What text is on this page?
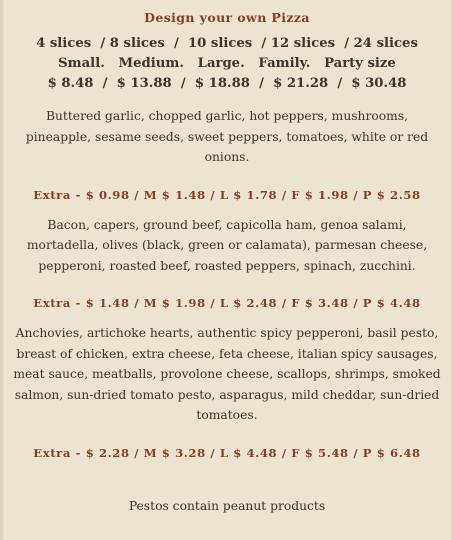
Design your own Pizza
4 slices  / 8 slices  /  10 slices  / 12 slices  / 24 slices
Small.   Medium.   Large.   Family.   Party size
$ 8.48  /  $ 13.88  /  $ 18.88  /  $ 21.28  /  $ 30.48
Buttered garlic, chopped garlic, hot peppers, mushrooms, pineapple, sesame seeds, sweet peppers, tomatoes, white or red onions.
Extra - $ 0.98 / M $ 1.48 / L $ 1.78 / F $ 1.98 / P $ 2.58
Bacon, capers, ground beef, capicolla ham, genoa salami, mortadella, olives (black, green or calamata), parmesan cheese, pepperoni, roasted beef, roasted peppers, spinach, zucchini.
Extra - $ 1.48 / M $ 1.98 / L $ 2.48 / F $ 3.48 / P $ 4.48
Anchovies, artichoke hearts, authentic spicy pepperoni, basil pesto, breast of chicken, extra cheese, feta cheese, italian spicy sausages, meat sauce, meatballs, provolone cheese, scallops, shrimps, smoked salmon, sun-dried tomato pesto, asparagus, mild cheddar, sun-dried tomatoes.
Extra - $ 2.28 / M $ 3.28 / L $ 4.48 / F $ 5.48 / P $ 6.48
Pestos contain peanut products
